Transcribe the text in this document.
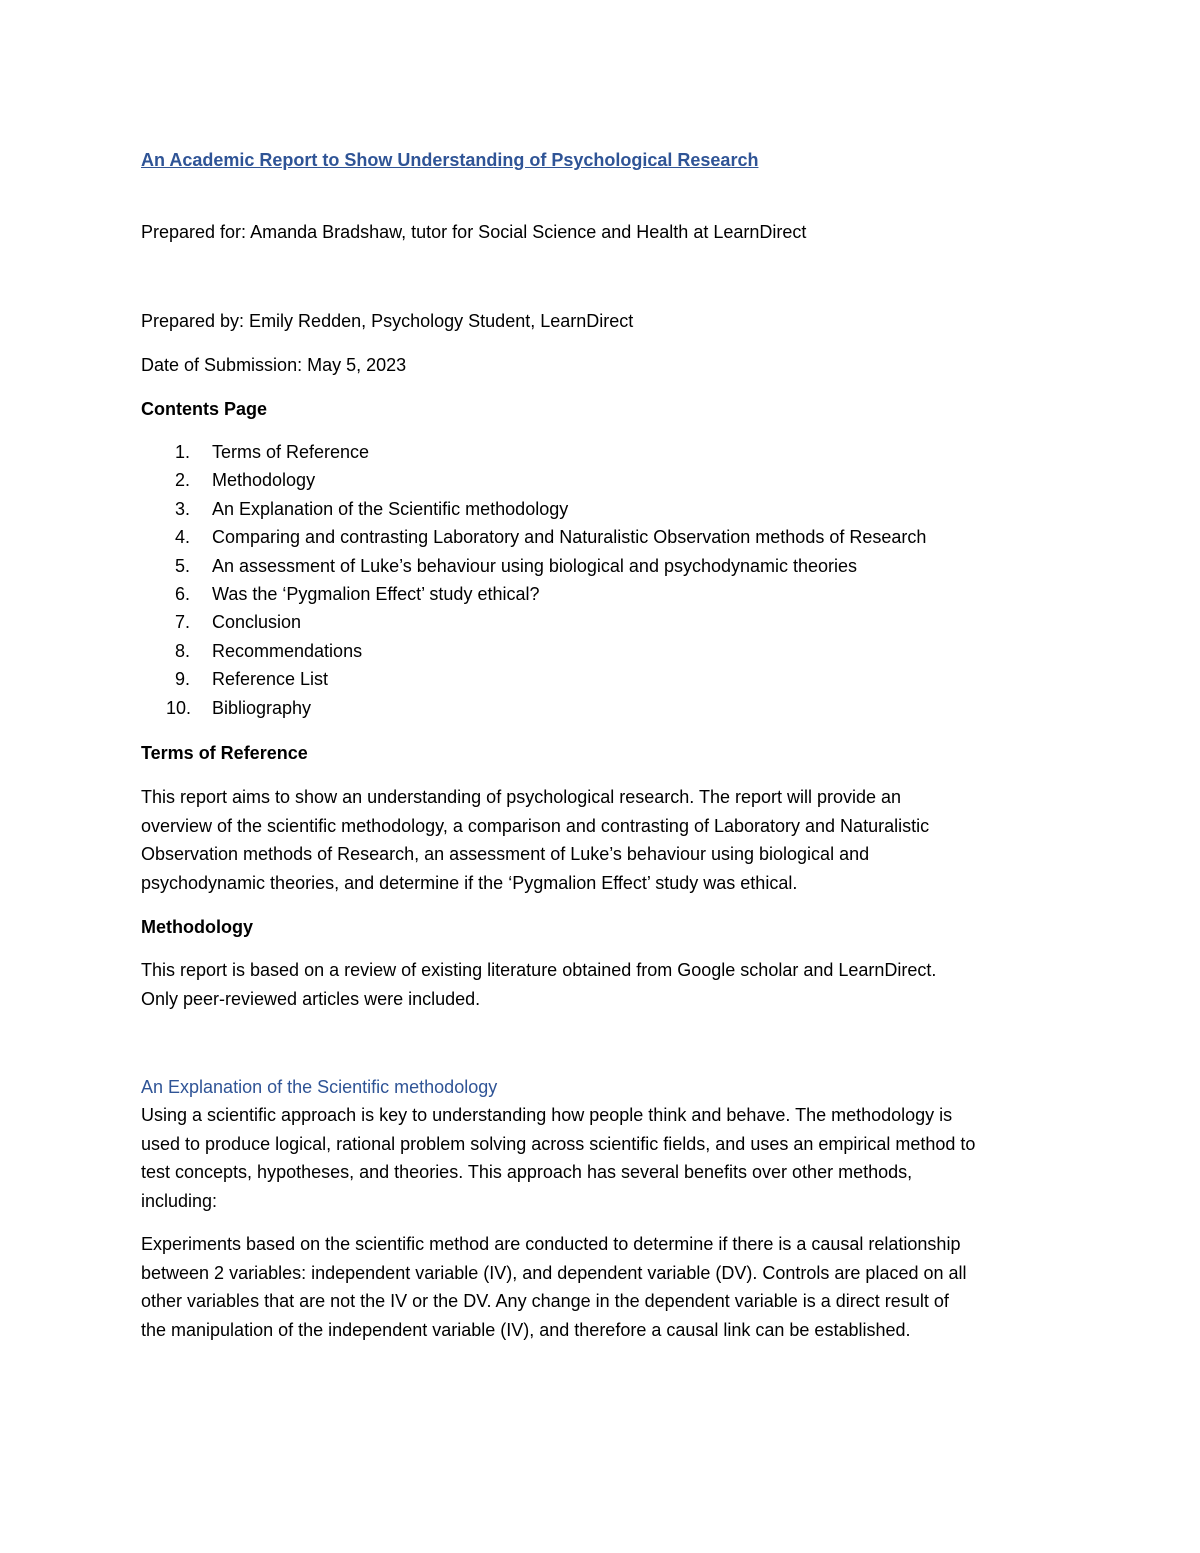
An Academic Report to Show Understanding of Psychological Research
Prepared for: Amanda Bradshaw, tutor for Social Science and Health at LearnDirect
Prepared by: Emily Redden, Psychology Student, LearnDirect
Date of Submission: May 5, 2023
Contents Page
1. Terms of Reference
2. Methodology
3. An Explanation of the Scientific methodology
4. Comparing and contrasting Laboratory and Naturalistic Observation methods of Research
5. An assessment of Luke’s behaviour using biological and psychodynamic theories
6. Was the ‘Pygmalion Effect’ study ethical?
7. Conclusion
8. Recommendations
9. Reference List
10. Bibliography
Terms of Reference
This report aims to show an understanding of psychological research. The report will provide an
overview of the scientific methodology, a comparison and contrasting of Laboratory and Naturalistic
Observation methods of Research, an assessment of Luke’s behaviour using biological and
psychodynamic theories, and determine if the ‘Pygmalion Effect’ study was ethical.
Methodology
This report is based on a review of existing literature obtained from Google scholar and LearnDirect.
Only peer-reviewed articles were included.
An Explanation of the Scientific methodology
Using a scientific approach is key to understanding how people think and behave. The methodology is
used to produce logical, rational problem solving across scientific fields, and uses an empirical method to
test concepts, hypotheses, and theories. This approach has several benefits over other methods,
including:
Experiments based on the scientific method are conducted to determine if there is a causal relationship
between 2 variables: independent variable (IV), and dependent variable (DV). Controls are placed on all
other variables that are not the IV or the DV. Any change in the dependent variable is a direct result of
the manipulation of the independent variable (IV), and therefore a causal link can be established.
